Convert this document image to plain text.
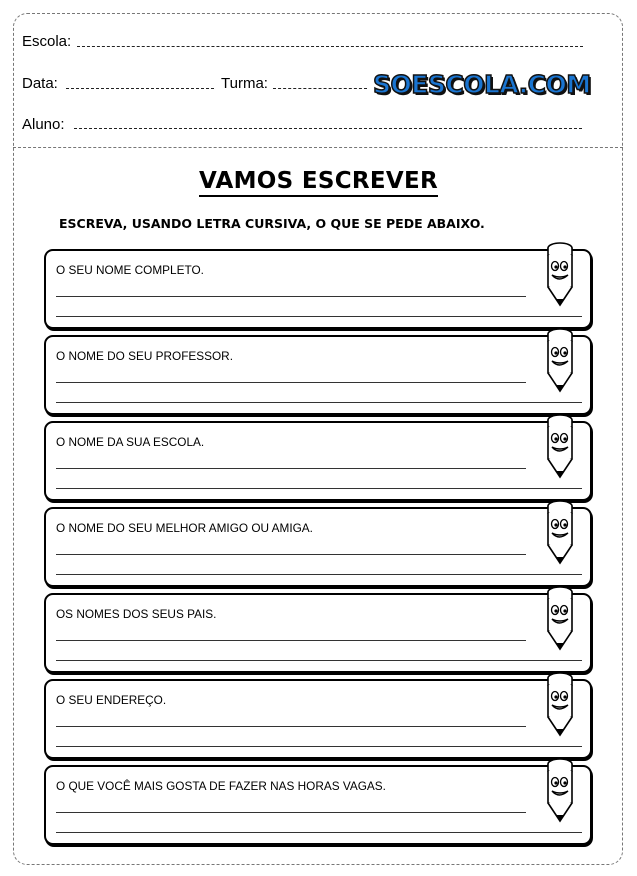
Escola:
Data:	Turma:	SOESCOLA.COM
Aluno:
VAMOS ESCREVER
ESCREVA, USANDO LETRA CURSIVA, O QUE SE PEDE ABAIXO.
O SEU NOME COMPLETO.
O NOME DO SEU PROFESSOR.
O NOME DA SUA ESCOLA.
O NOME DO SEU MELHOR AMIGO OU AMIGA.
OS NOMES DOS SEUS PAIS.
O SEU ENDEREÇO.
O QUE VOCÊ MAIS GOSTA DE FAZER NAS HORAS VAGAS.
